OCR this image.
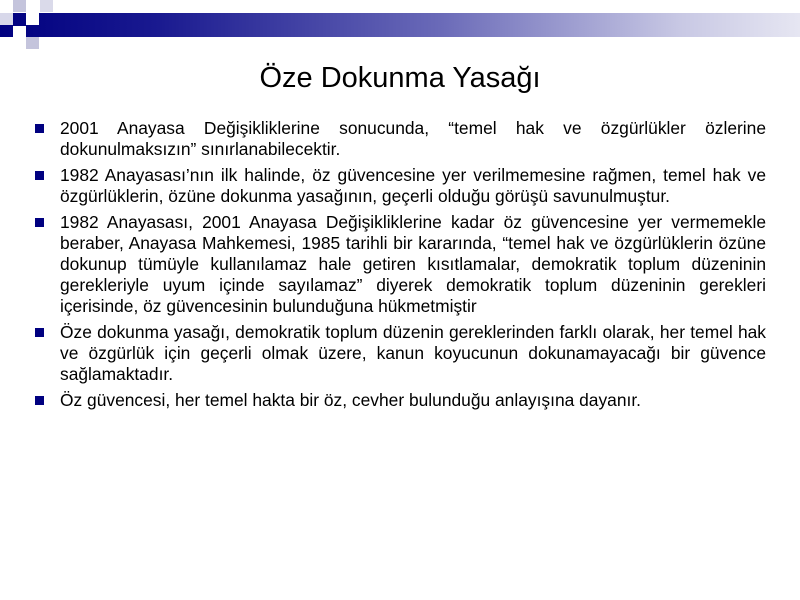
Öze Dokunma Yasağı
2001 Anayasa Değişikliklerine sonucunda, “temel hak ve özgürlükler özlerine dokunulmaksızın” sınırlanabilecektir.
1982 Anayasası’nın ilk halinde, öz güvencesine yer verilmemesine rağmen, temel hak ve özgürlüklerin, özüne dokunma yasağının, geçerli olduğu görüşü savunulmuştur.
1982 Anayasası, 2001 Anayasa Değişikliklerine kadar öz güvencesine yer vermemekle beraber, Anayasa Mahkemesi, 1985 tarihli bir kararında, “temel hak ve özgürlüklerin özüne dokunup tümüyle kullanılamaz hale getiren kısıtlamalar, demokratik toplum düzeninin gerekleriyle uyum içinde sayılamaz” diyerek demokratik toplum düzeninin gerekleri içerisinde, öz güvencesinin bulunduğuna hükmetmiştir
Öze dokunma yasağı, demokratik toplum düzenin gereklerinden farklı olarak, her temel hak ve özgürlük için geçerli olmak üzere, kanun koyucunun dokunamayacağı bir güvence sağlamaktadır.
Öz güvencesi, her temel hakta bir öz, cevher bulunduğu anlayışına dayanır.
